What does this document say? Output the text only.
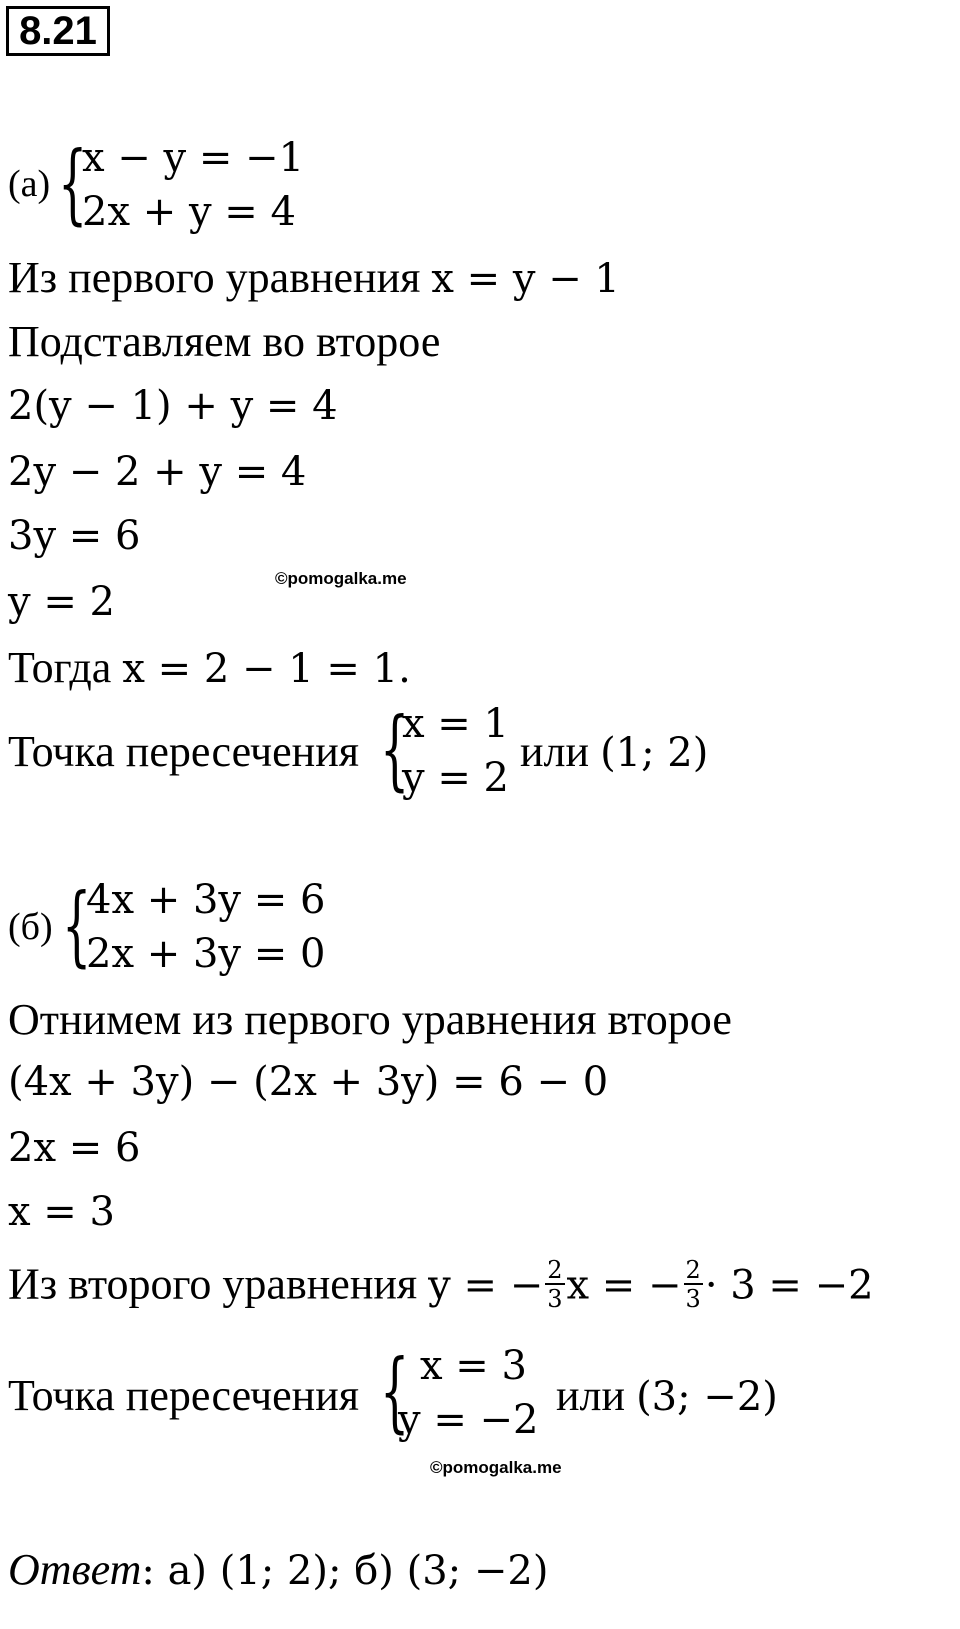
8.21
(а) {
x − y = −1
2x + y = 4
Из первого уравнения x = y − 1
Подставляем во второе
2(y − 1) + y = 4
2y − 2 + y = 4
3y = 6
y = 2
©pomogalka.me
Тогда x = 2 − 1 = 1.
Точка пересечения {
x = 1
y = 2
или (1; 2)
(б) {
4x + 3y = 6
2x + 3y = 0
Отнимем из первого уравнения второе
(4x + 3y) − (2x + 3y) = 6 − 0
2x = 6
x = 3
Из второго уравнения y = − $\frac{2}{3}$ x = − $\frac{2}{3} \cdot 3 = -2$
Точка пересечения { x = 3
y = −2 или (3; −2)
©pomogalka.me
Ответ: а) (1; 2); б) (3; −2)
